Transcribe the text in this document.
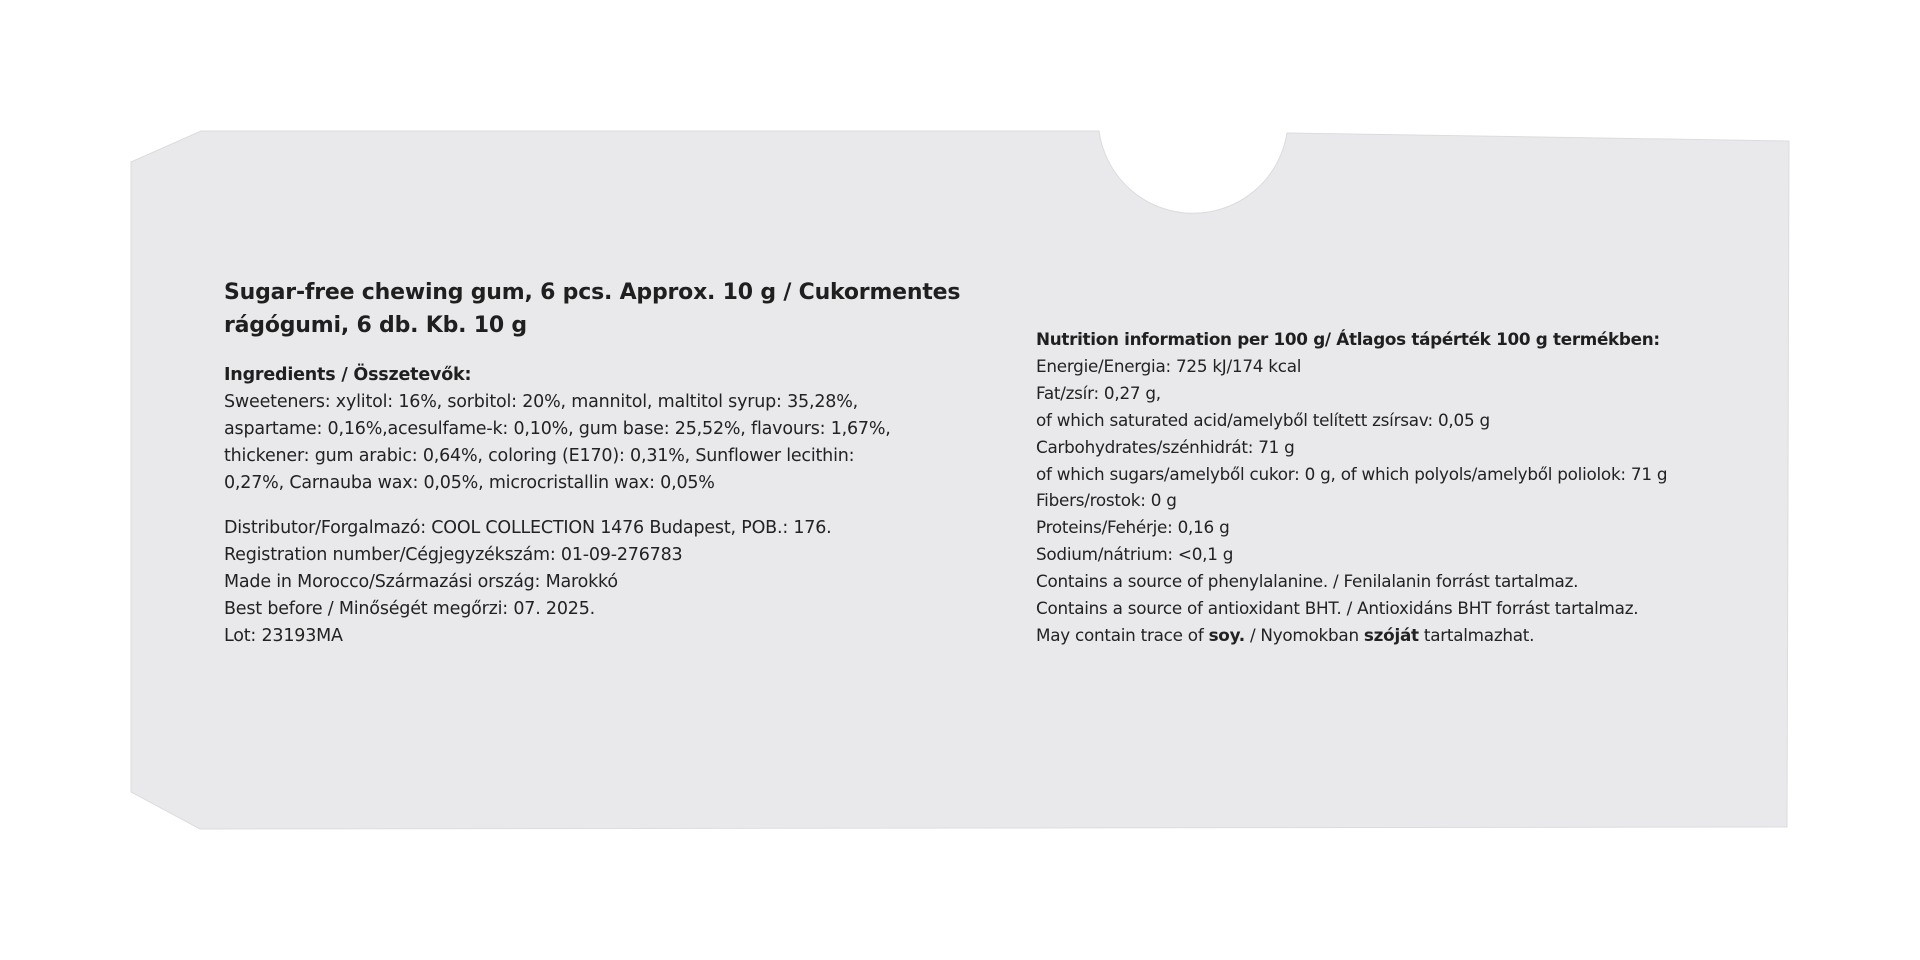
Sugar-free chewing gum, 6 pcs. Approx. 10 g / Cukormentes
rágógumi, 6 db. Kb. 10 g
Ingredients / Összetevők:
Sweeteners: xylitol: 16%, sorbitol: 20%, mannitol, maltitol syrup: 35,28%,
aspartame: 0,16%,acesulfame-k: 0,10%, gum base: 25,52%, flavours: 1,67%,
thickener: gum arabic: 0,64%, coloring (E170): 0,31%, Sunflower lecithin:
0,27%, Carnauba wax: 0,05%, microcristallin wax: 0,05%
Distributor/Forgalmazó: COOL COLLECTION 1476 Budapest, POB.: 176.
Registration number/Cégjegyzékszám: 01-09-276783
Made in Morocco/Származási ország: Marokkó
Best before / Minőségét megőrzi: 07. 2025.
Lot: 23193MA
Nutrition information per 100 g/ Átlagos tápérték 100 g termékben:
Energie/Energia: 725 kJ/174 kcal
Fat/zsír: 0,27 g,
of which saturated acid/amelyből telített zsírsav: 0,05 g
Carbohydrates/szénhidrát: 71 g
of which sugars/amelyből cukor: 0 g, of which polyols/amelyből poliolok: 71 g
Fibers/rostok: 0 g
Proteins/Fehérje: 0,16 g
Sodium/nátrium: <0,1 g
Contains a source of phenylalanine. / Fenilalanin forrást tartalmaz.
Contains a source of antioxidant BHT. / Antioxidáns BHT forrást tartalmaz.
May contain trace of soy. / Nyomokban szóját tartalmazhat.
